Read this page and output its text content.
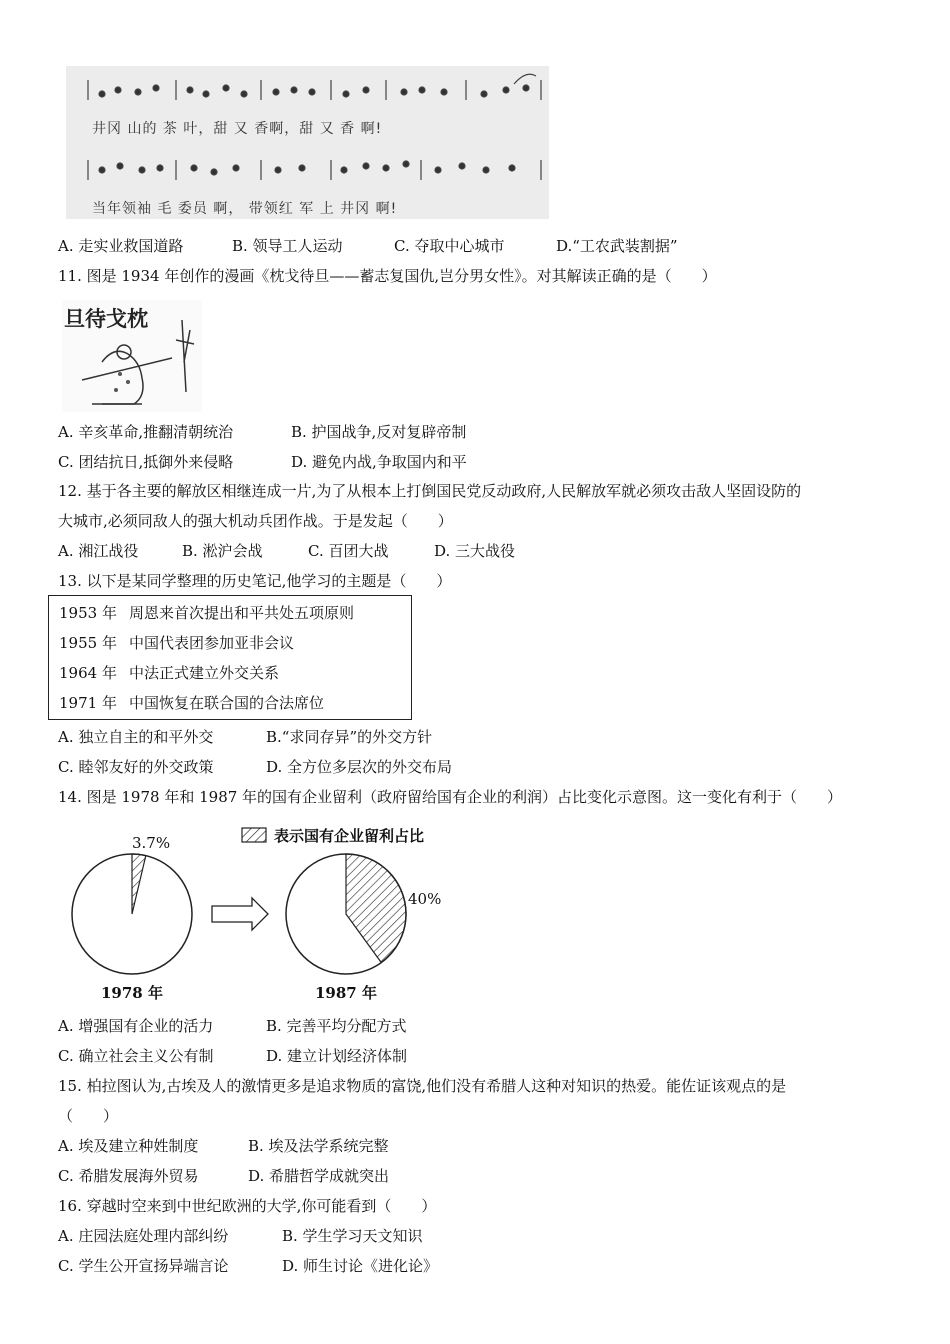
井冈 山的 茶 叶，甜 又 香啊，甜 又 香 啊!
当年领袖 毛 委员 啊， 带领红 军 上 井冈 啊!
A. 走实业救国道路	B. 领导工人运动	C. 夺取中心城市	D.“工农武装割据”
11. 图是 1934 年创作的漫画《枕戈待旦——蓄志复国仇,岂分男女性》。对其解读正确的是（　　）
旦待戈枕
A. 辛亥革命,推翻清朝统治	B. 护国战争,反对复辟帝制
C. 团结抗日,抵御外来侵略	D. 避免内战,争取国内和平
12. 基于各主要的解放区相继连成一片,为了从根本上打倒国民党反动政府,人民解放军就必须攻击敌人坚固设防的
大城市,必须同敌人的强大机动兵团作战。于是发起（　　）
A. 湘江战役	B. 淞沪会战	C. 百团大战	D. 三大战役
13. 以下是某同学整理的历史笔记,他学习的主题是（　　）
1953 年 周恩来首次提出和平共处五项原则
1955 年 中国代表团参加亚非会议
1964 年 中法正式建立外交关系
1971 年 中国恢复在联合国的合法席位
A. 独立自主的和平外交	B.“求同存异”的外交方针
C. 睦邻友好的外交政策	D. 全方位多层次的外交布局
14. 图是 1978 年和 1987 年的国有企业留利（政府留给国有企业的利润）占比变化示意图。这一变化有利于（　　）
表示国有企业留利占比
3.7%
1978 年
40%
1987 年
A. 增强国有企业的活力	B. 完善平均分配方式
C. 确立社会主义公有制	D. 建立计划经济体制
15. 柏拉图认为,古埃及人的激情更多是追求物质的富饶,他们没有希腊人这种对知识的热爱。能佐证该观点的是
（　　）
A. 埃及建立种姓制度	B. 埃及法学系统完整
C. 希腊发展海外贸易	D. 希腊哲学成就突出
16. 穿越时空来到中世纪欧洲的大学,你可能看到（　　）
A. 庄园法庭处理内部纠纷	B. 学生学习天文知识
C. 学生公开宣扬异端言论	D. 师生讨论《进化论》
